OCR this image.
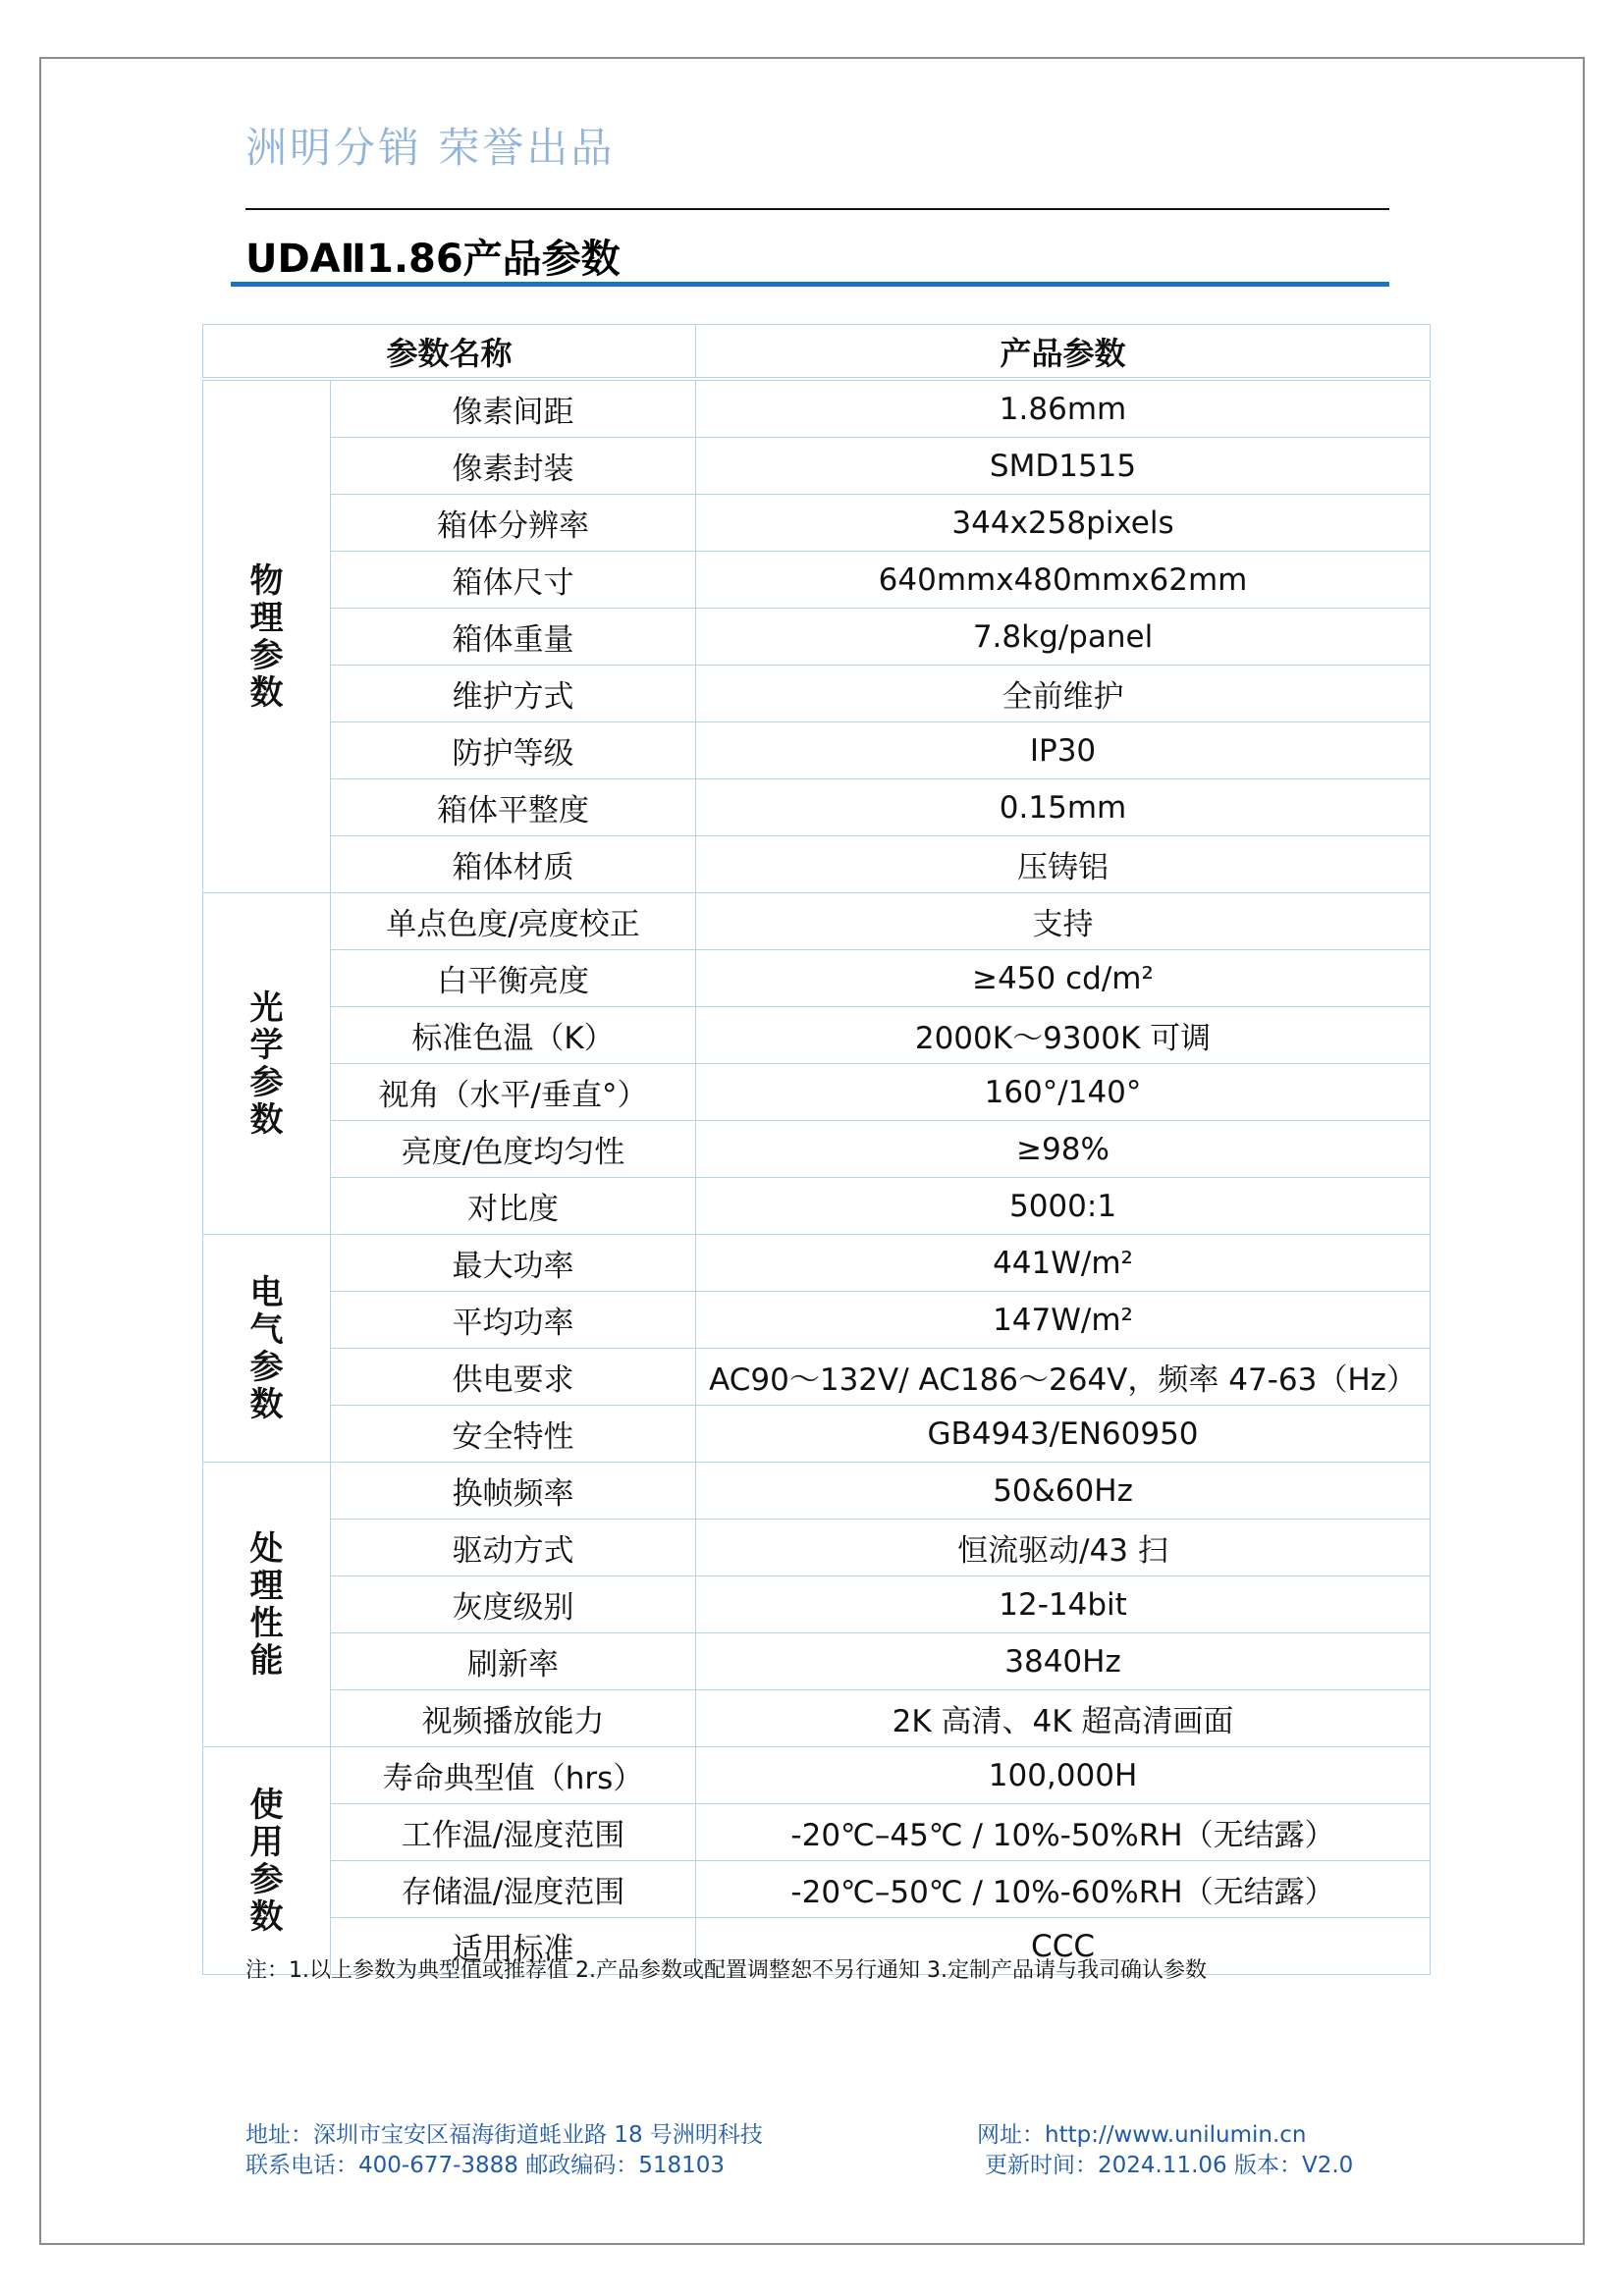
洲明分销 荣誉出品
UDAⅡ1.86产品参数
参数名称		产品参数
物理参数	像素间距	1.86mm
	像素封装	SMD1515
	箱体分辨率	344x258pixels
	箱体尺寸	640mmx480mmx62mm
	箱体重量	7.8kg/panel
	维护方式	全前维护
	防护等级	IP30
	箱体平整度	0.15mm
	箱体材质	压铸铝
光学参数	单点色度/亮度校正	支持
	白平衡亮度	≥450 cd/m²
	标准色温（K）	2000K～9300K 可调
	视角（水平/垂直°）	160°/140°
	亮度/色度均匀性	≥98%
	对比度	5000:1
电气参数	最大功率	441W/m²
	平均功率	147W/m²
	供电要求	AC90～132V/ AC186～264V，频率 47-63（Hz）
	安全特性	GB4943/EN60950
处理性能	换帧频率	50&60Hz
	驱动方式	恒流驱动/43 扫
	灰度级别	12-14bit
	刷新率	3840Hz
	视频播放能力	2K 高清、4K 超高清画面
使用参数	寿命典型值（hrs）	100,000H
	工作温/湿度范围	-20℃–45℃ / 10%-50%RH（无结露）
	存储温/湿度范围	-20℃–50℃ / 10%-60%RH（无结露）
	适用标准	CCC
注：1.以上参数为典型值或推荐值 2.产品参数或配置调整恕不另行通知 3.定制产品请与我司确认参数
地址：深圳市宝安区福海街道蚝业路 18 号洲明科技
联系电话：400-677-3888 邮政编码：518103
网址：http://www.unilumin.cn
更新时间：2024.11.06 版本：V2.0
